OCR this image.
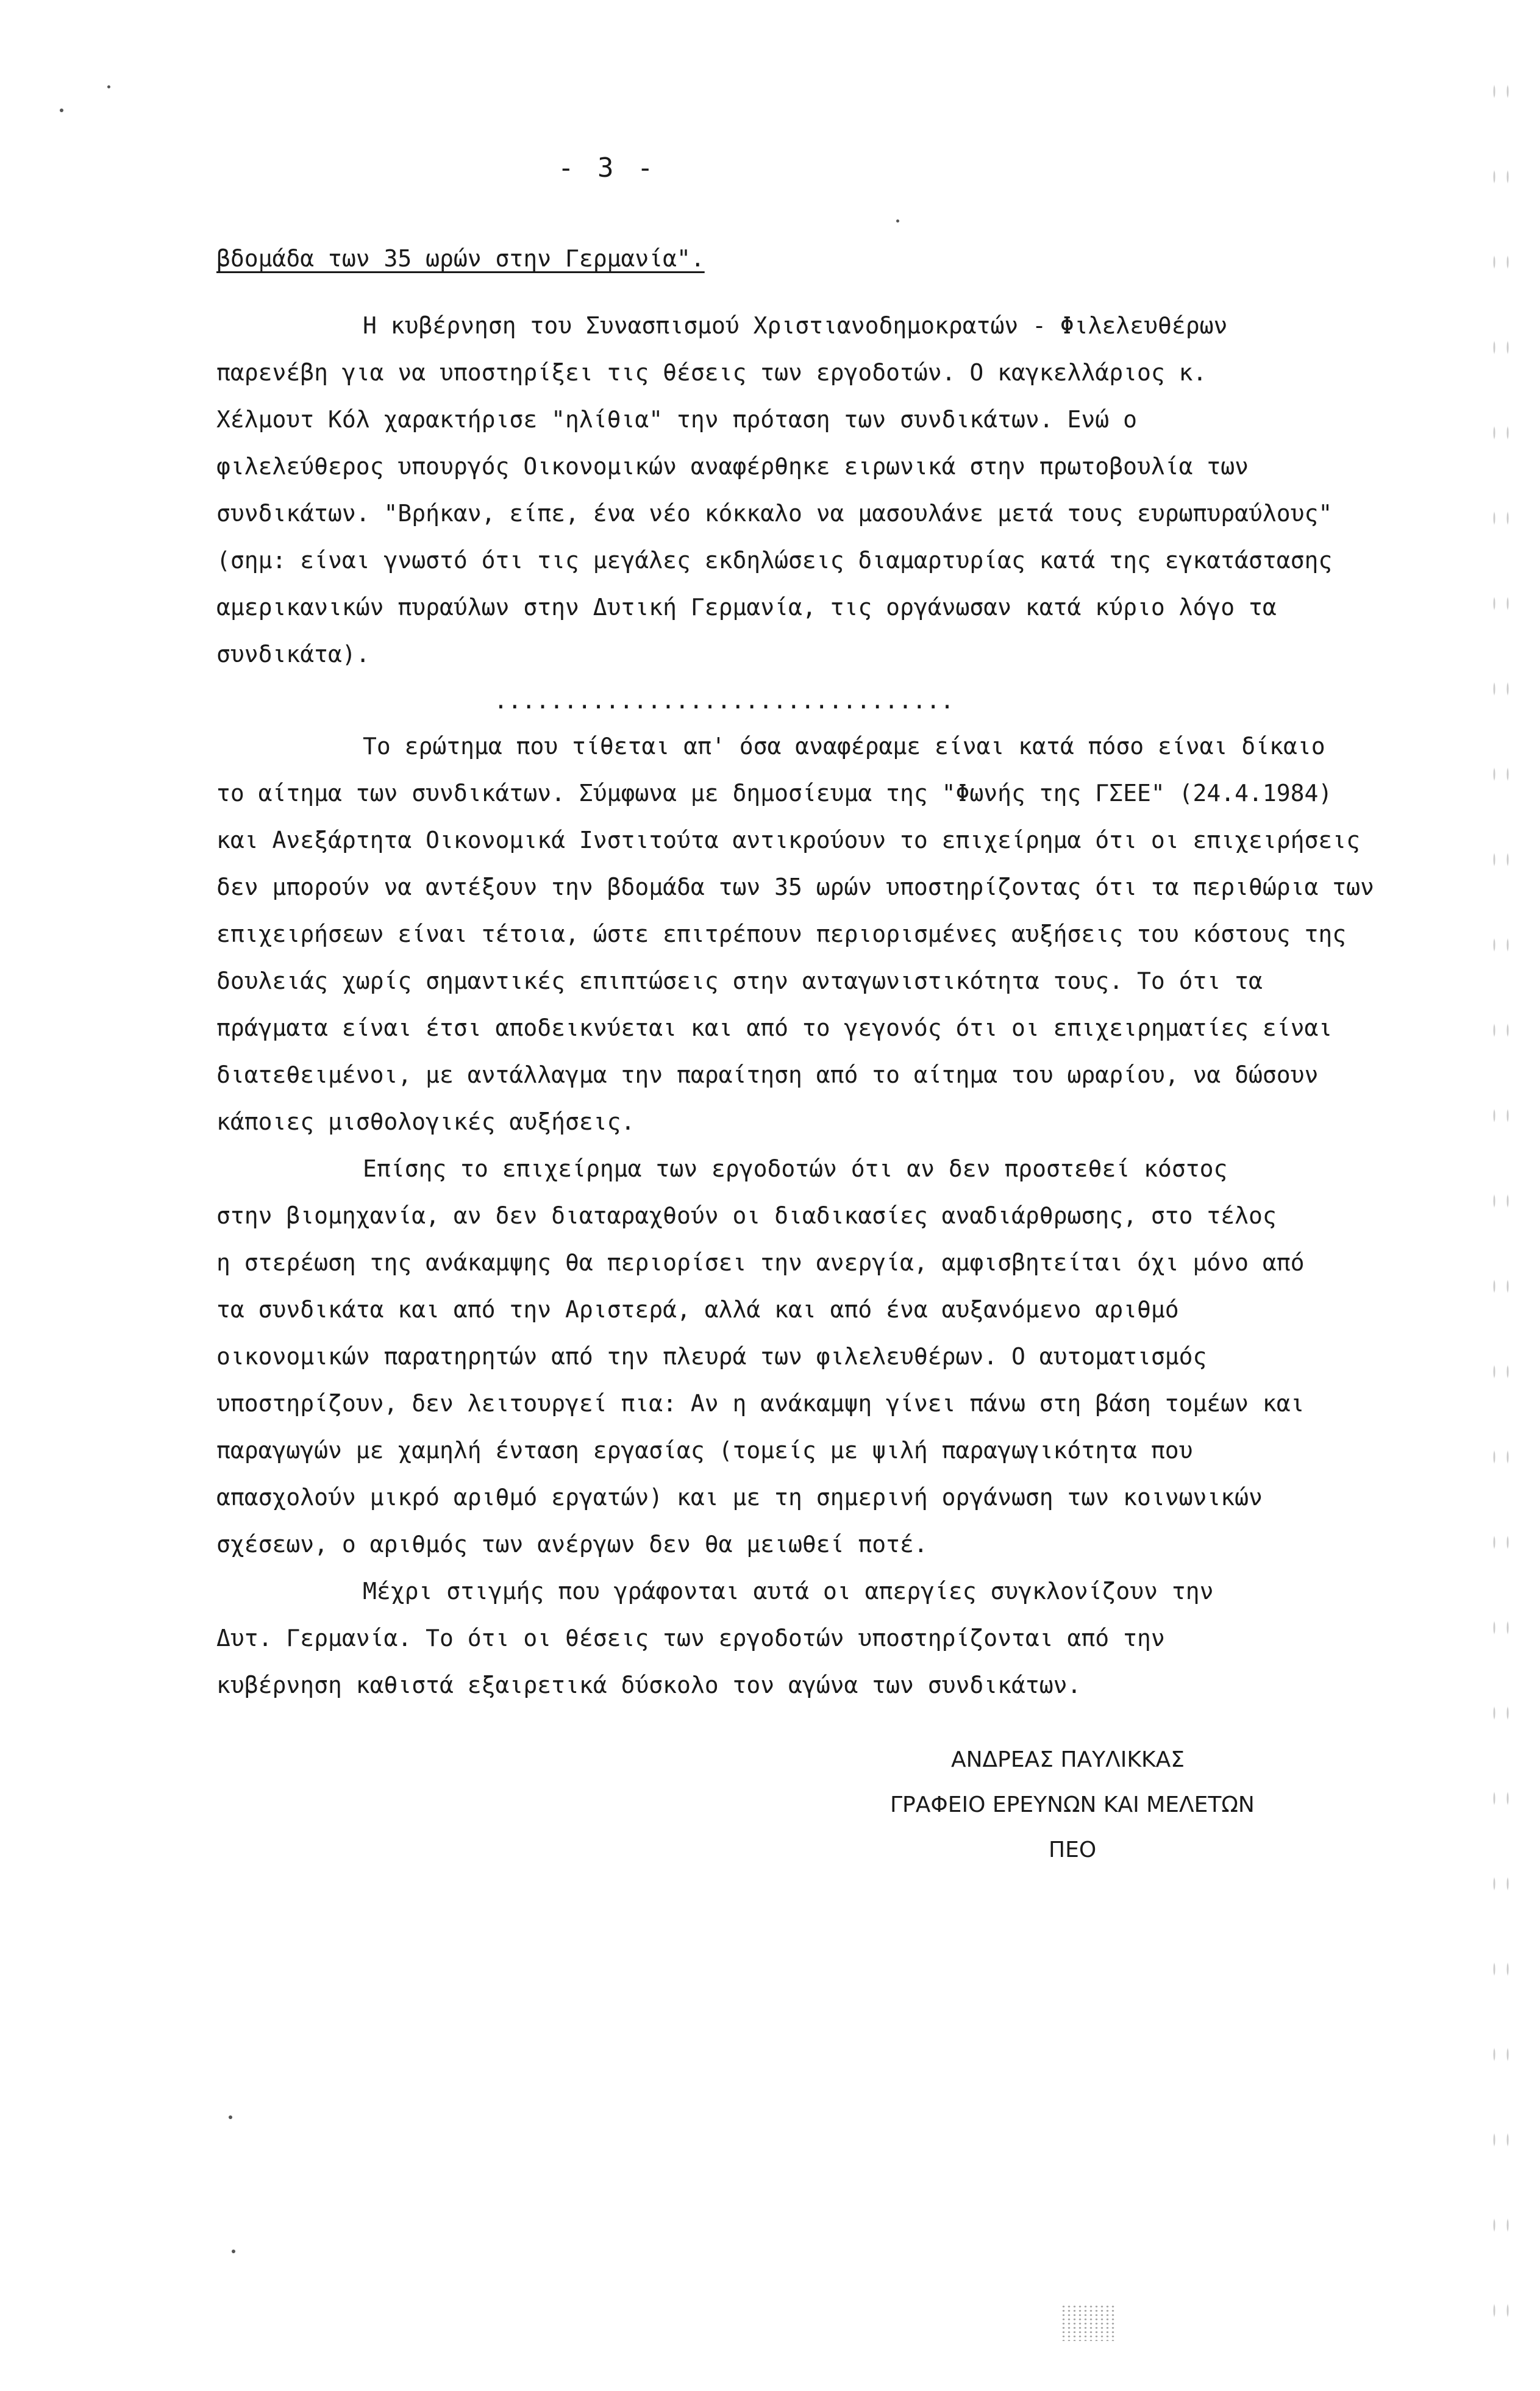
- 3 -
βδομάδα των 35 ωρών στην Γερμανία".
Η κυβέρνηση του Συνασπισμού Χριστιανοδημοκρατών - Φιλελευθέρων
παρενέβη για να υποστηρίξει τις θέσεις των εργοδοτών. Ο καγκελλάριος κ.
Χέλμουτ Κόλ χαρακτήρισε "ηλίθια" την πρόταση των συνδικάτων. Ενώ ο
φιλελεύθερος υπουργός Οικονομικών αναφέρθηκε ειρωνικά στην πρωτοβουλία των
συνδικάτων. "Βρήκαν, είπε, ένα νέο κόκκαλο να μασουλάνε μετά τους ευρωπυραύλους"
(σημ: είναι γνωστό ότι τις μεγάλες εκδηλώσεις διαμαρτυρίας κατά της εγκατάστασης
αμερικανικών πυραύλων στην Δυτική Γερμανία, τις οργάνωσαν κατά κύριο λόγο τα
συνδικάτα).
.................................
Το ερώτημα που τίθεται απ' όσα αναφέραμε είναι κατά πόσο είναι δίκαιο
το αίτημα των συνδικάτων. Σύμφωνα με δημοσίευμα της "Φωνής της ΓΣΕΕ" (24.4.1984)
και Ανεξάρτητα Οικονομικά Ινστιτούτα αντικρούουν το επιχείρημα ότι οι επιχειρήσεις
δεν μπορούν να αντέξουν την βδομάδα των 35 ωρών υποστηρίζοντας ότι τα περιθώρια των
επιχειρήσεων είναι τέτοια, ώστε επιτρέπουν περιορισμένες αυξήσεις του κόστους της
δουλειάς χωρίς σημαντικές επιπτώσεις στην ανταγωνιστικότητα τους. Το ότι τα
πράγματα είναι έτσι αποδεικνύεται και από το γεγονός ότι οι επιχειρηματίες είναι
διατεθειμένοι, με αντάλλαγμα την παραίτηση από το αίτημα του ωραρίου, να δώσουν
κάποιες μισθολογικές αυξήσεις.
Επίσης το επιχείρημα των εργοδοτών ότι αν δεν προστεθεί κόστος
στην βιομηχανία, αν δεν διαταραχθούν οι διαδικασίες αναδιάρθρωσης, στο τέλος
η στερέωση της ανάκαμψης θα περιορίσει την ανεργία, αμφισβητείται όχι μόνο από
τα συνδικάτα και από την Αριστερά, αλλά και από ένα αυξανόμενο αριθμό
οικονομικών παρατηρητών από την πλευρά των φιλελευθέρων. Ο αυτοματισμός
υποστηρίζουν, δεν λειτουργεί πια: Αν η ανάκαμψη γίνει πάνω στη βάση τομέων και
παραγωγών με χαμηλή ένταση εργασίας (τομείς με ψιλή παραγωγικότητα που
απασχολούν μικρό αριθμό εργατών) και με τη σημερινή οργάνωση των κοινωνικών
σχέσεων, ο αριθμός των ανέργων δεν θα μειωθεί ποτέ.
Μέχρι στιγμής που γράφονται αυτά οι απεργίες συγκλονίζουν την
Δυτ. Γερμανία. Το ότι οι θέσεις των εργοδοτών υποστηρίζονται από την
κυβέρνηση καθιστά εξαιρετικά δύσκολο τον αγώνα των συνδικάτων.
ΑΝΔΡΕΑΣ ΠΑΥΛΙΚΚΑΣ
ΓΡΑΦΕΙΟ ΕΡΕΥΝΩΝ ΚΑΙ ΜΕΛΕΤΩΝ
ΠΕΟ
